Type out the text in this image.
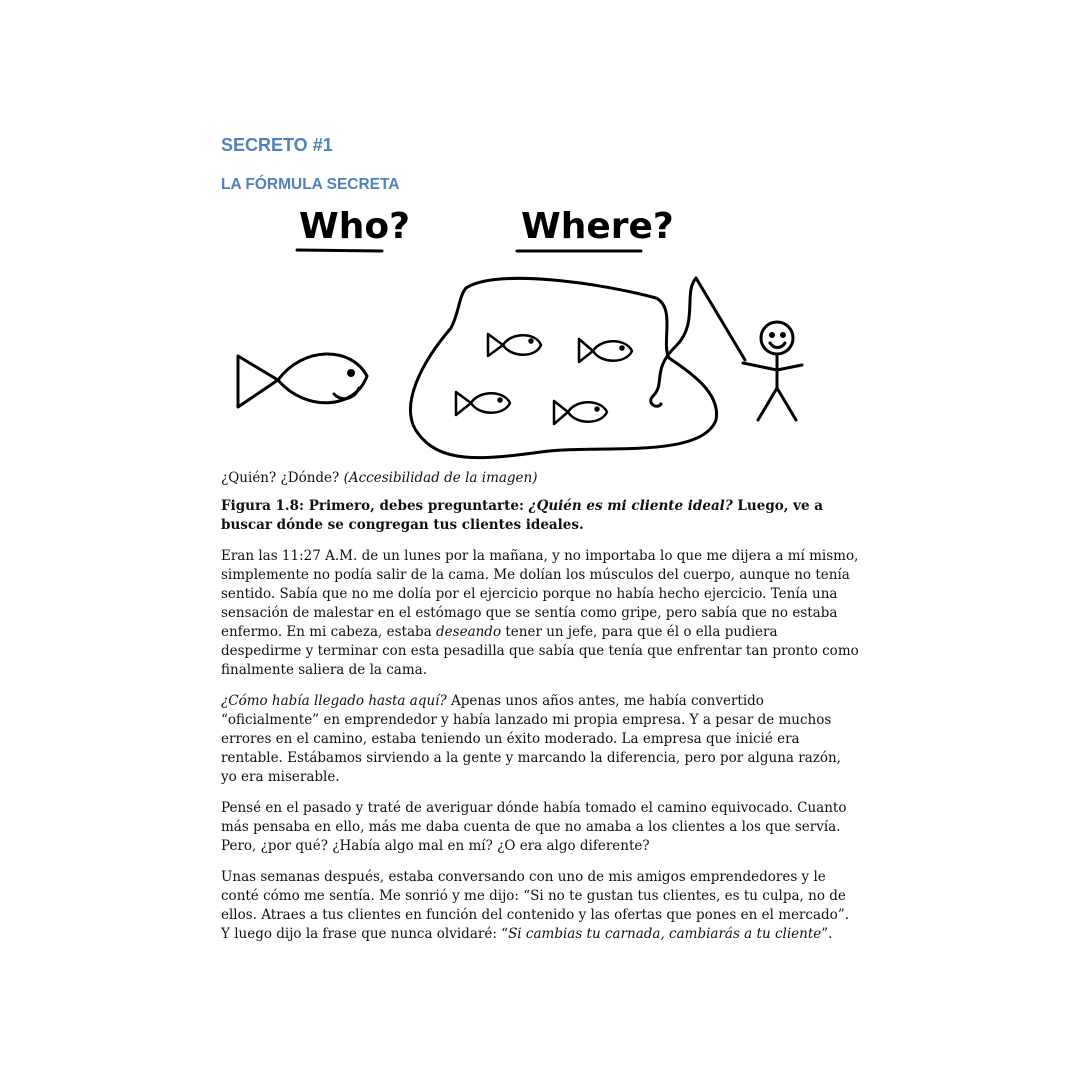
SECRETO #1
LA FÓRMULA SECRETA
Who?	Where?

¿Quién? ¿Dónde? (Accesibilidad de la imagen)

Figura 1.8: Primero, debes preguntarte: ¿Quién es mi cliente ideal? Luego, ve a buscar dónde se congregan tus clientes ideales.

Eran las 11:27 A.M. de un lunes por la mañana, y no importaba lo que me dijera a mí mismo, simplemente no podía salir de la cama. Me dolían los músculos del cuerpo, aunque no tenía sentido. Sabía que no me dolía por el ejercicio porque no había hecho ejercicio. Tenía una sensación de malestar en el estómago que se sentía como gripe, pero sabía que no estaba enfermo. En mi cabeza, estaba deseando tener un jefe, para que él o ella pudiera despedirme y terminar con esta pesadilla que sabía que tenía que enfrentar tan pronto como finalmente saliera de la cama.

¿Cómo había llegado hasta aquí? Apenas unos años antes, me había convertido “oficialmente” en emprendedor y había lanzado mi propia empresa. Y a pesar de muchos errores en el camino, estaba teniendo un éxito moderado. La empresa que inicié era rentable. Estábamos sirviendo a la gente y marcando la diferencia, pero por alguna razón, yo era miserable.

Pensé en el pasado y traté de averiguar dónde había tomado el camino equivocado. Cuanto más pensaba en ello, más me daba cuenta de que no amaba a los clientes a los que servía. Pero, ¿por qué? ¿Había algo mal en mí? ¿O era algo diferente?

Unas semanas después, estaba conversando con uno de mis amigos emprendedores y le conté cómo me sentía. Me sonrió y me dijo: “Si no te gustan tus clientes, es tu culpa, no de ellos. Atraes a tus clientes en función del contenido y las ofertas que pones en el mercado”. Y luego dijo la frase que nunca olvidaré: “Si cambias tu carnada, cambiarás a tu cliente”.
